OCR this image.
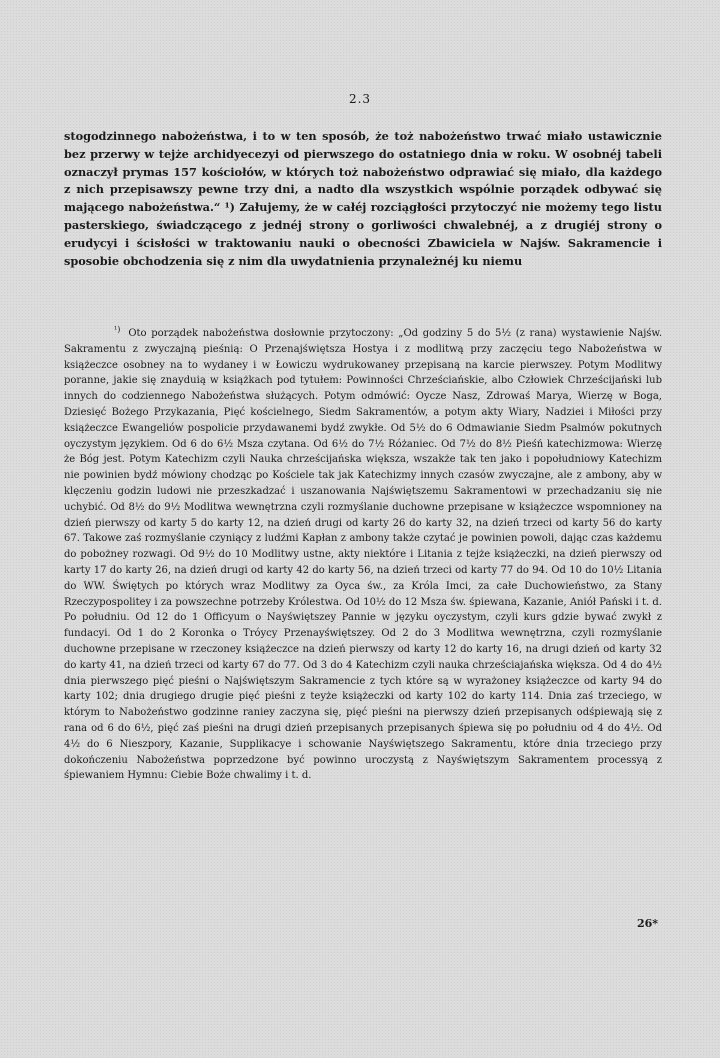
2.3

stogodzinnego nabożeństwa, i to w ten sposób, że toż nabożeństwo trwać miało ustawicznie bez przerwy w tejże archidyecezyi od pierwszego do ostatniego dnia w roku. W osobnéj tabeli oznaczył prymas 157 kościołów, w których toż nabożeństwo odprawiać się miało, dla każdego z nich przepisawszy pewne trzy dni, a nadto dla wszystkich wspólnie porządek odbywać się mającego nabożeństwa.“ ¹) Załujemy, że w całéj rozciągłości przytoczyć nie możemy tego listu pasterskiego, świadczącego z jednéj strony o gorliwości chwalebnéj, a z drugiéj strony o erudycyi i ścisłości w traktowaniu nauki o obecności Zbawiciela w Najśw. Sakramencie i sposobie obchodzenia się z nim dla uwydatnienia przynależnéj ku niemu

$^{^1)}$ Oto porządek nabożeństwa dosłownie przytoczony: „Od godziny 5 do 5½ (z rana) wystawienie Najśw. Sakramentu z zwyczajną pieśnią: O Przenajświętsza Hostya i z modlitwą przy zaczęciu tego Nabożeństwa w książeczce osobney na to wydaney i w Łowiczu wydrukowaney przepisaną na karcie pierwszey. Potym Modlitwy poranne, jakie się znayduią w książkach pod tytułem: Powinności Chrześciańskie, albo Człowiek Chrześcijański lub innych do codziennego Nabożeństwa służących. Potym odmówić: Oycze Nasz, Zdrowaś Marya, Wierzę w Boga, Dziesięć Bożego Przykazania, Pięć kościelnego, Siedm Sakramentów, a potym akty Wiary, Nadziei i Miłości przy książeczce Ewangeliów pospolicie przydawanemi bydź zwykłe. Od 5½ do 6 Odmawianie Siedm Psalmów pokutnych oyczystym językiem. Od 6 do 6½ Msza czytana. Od 6½ do 7½ Różaniec. Od 7½ do 8½ Pieśń katechizmowa: Wierzę że Bóg jest. Potym Katechizm czyli Nauka chrześcijańska większa, wszakże tak ten jako i popołudniowy Katechizm nie powinien bydź mówiony chodząc po Kościele tak jak Katechizmy innych czasów zwyczajne, ale z ambony, aby w klęczeniu godzin ludowi nie przeszkadzać i uszanowania Najświętszemu Sakramentowi w przechadzaniu się nie uchybić. Od 8½ do 9½ Modlitwa wewnętrzna czyli rozmyślanie duchowne przepisane w książeczce wspomnioney na dzień pierwszy od karty 5 do karty 12, na dzień drugi od karty 26 do karty 32, na dzień trzeci od karty 56 do karty 67. Takowe zaś rozmyślanie czyniący z ludźmi Kapłan z ambony także czytać je powinien powoli, dając czas każdemu do pobożney rozwagi. Od 9½ do 10 Modlitwy ustne, akty niektóre i Litania z tejże książeczki, na dzień pierwszy od karty 17 do karty 26, na dzień drugi od karty 42 do karty 56, na dzień trzeci od karty 77 do 94. Od 10 do 10½ Litania do WW. Świętych po których wraz Modlitwy za Oyca św., za Króla Imci, za całe Duchowieństwo, za Stany Rzeczypospolitey i za powszechne potrzeby Królestwa. Od 10½ do 12 Msza św. śpiewana, Kazanie, Aniół Pański i t. d. Po południu. Od 12 do 1 Officyum o Nayświętszey Pannie w języku oyczystym, czyli kurs gdzie bywać zwykł z fundacyi. Od 1 do 2 Koronka o Tróycy Przenayświętszey. Od 2 do 3 Modlitwa wewnętrzna, czyli rozmyślanie duchowne przepisane w rzeczoney książeczce na dzień pierwszy od karty 12 do karty 16, na drugi dzień od karty 32 do karty 41, na dzień trzeci od karty 67 do 77. Od 3 do 4 Katechizm czyli nauka chrześciajańska większa. Od 4 do 4½ dnia pierwszego pięć pieśni o Najświętszym Sakramencie z tych które są w wyrażoney książeczce od karty 94 do karty 102; dnia drugiego drugie pięć pieśni z teyże książeczki od karty 102 do karty 114. Dnia zaś trzeciego, w którym to Nabożeństwo godzinne raniey zaczyna się, pięć pieśni na pierwszy dzień przepisanych odśpiewają się z rana od 6 do 6½, pięć zaś pieśni na drugi dzień przepisanych przepisanych śpiewa się po południu od 4 do 4½. Od 4½ do 6 Nieszpory, Kazanie, Supplikacye i schowanie Nayświętszego Sakramentu, które dnia trzeciego przy dokończeniu Nabożeństwa poprzedzone być powinno uroczystą z Nayświętszym Sakramentem processyą z śpiewaniem Hymnu: Ciebie Boże chwalimy i t. d.

26*
